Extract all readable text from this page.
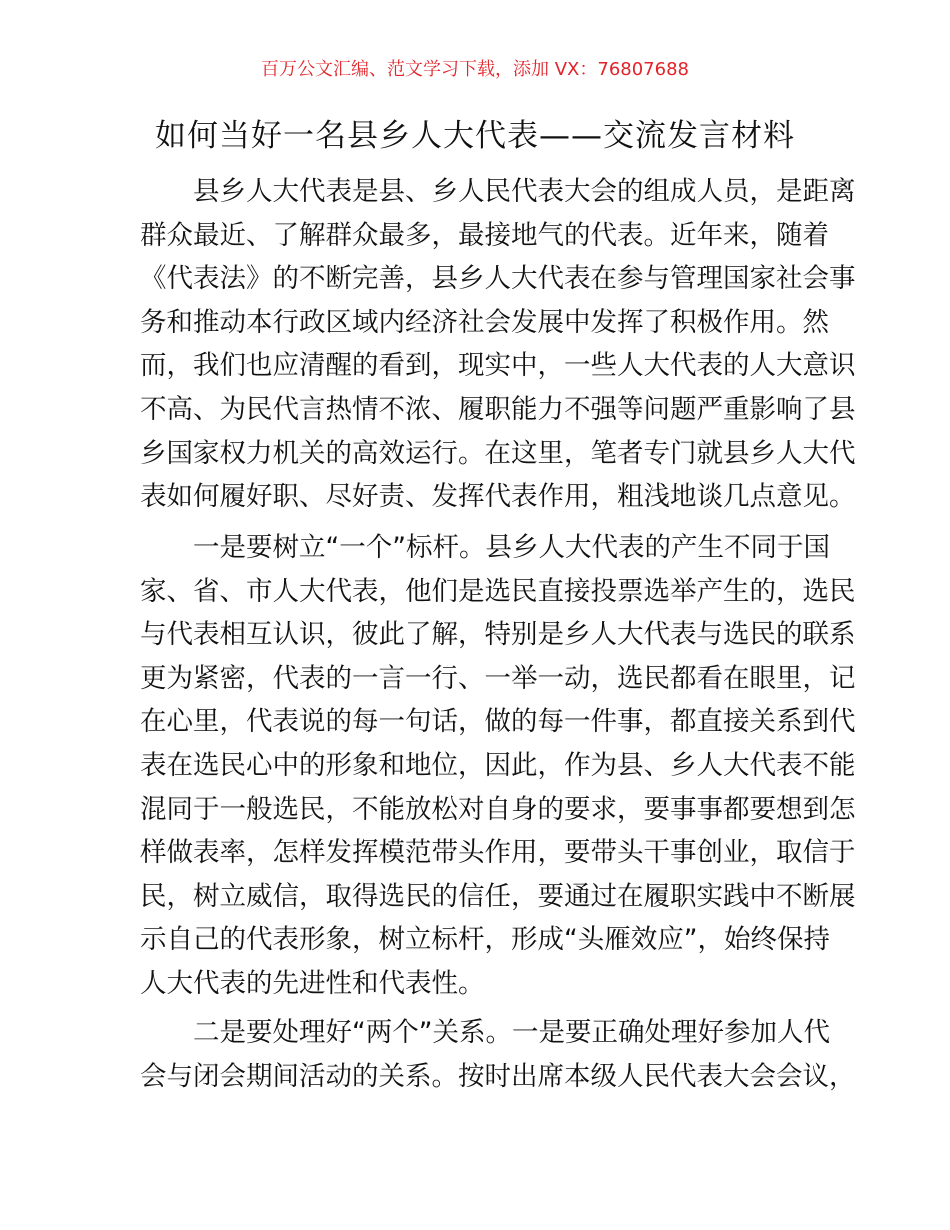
百万公文汇编、范文学习下载，添加 VX：76807688
如何当好一名县乡人大代表——交流发言材料
县乡人大代表是县、乡人民代表大会的组成人员，是距离
群众最近、了解群众最多，最接地气的代表。近年来，随着
《代表法》的不断完善，县乡人大代表在参与管理国家社会事
务和推动本行政区域内经济社会发展中发挥了积极作用。然
而，我们也应清醒的看到，现实中，一些人大代表的人大意识
不高、为民代言热情不浓、履职能力不强等问题严重影响了县
乡国家权力机关的高效运行。在这里，笔者专门就县乡人大代
表如何履好职、尽好责、发挥代表作用，粗浅地谈几点意见。
一是要树立“一个”标杆。县乡人大代表的产生不同于国
家、省、市人大代表，他们是选民直接投票选举产生的，选民
与代表相互认识，彼此了解，特别是乡人大代表与选民的联系
更为紧密，代表的一言一行、一举一动，选民都看在眼里，记
在心里，代表说的每一句话，做的每一件事，都直接关系到代
表在选民心中的形象和地位，因此，作为县、乡人大代表不能
混同于一般选民，不能放松对自身的要求，要事事都要想到怎
样做表率，怎样发挥模范带头作用，要带头干事创业，取信于
民，树立威信，取得选民的信任，要通过在履职实践中不断展
示自己的代表形象，树立标杆，形成“头雁效应”，始终保持
人大代表的先进性和代表性。
二是要处理好“两个”关系。一是要正确处理好参加人代
会与闭会期间活动的关系。按时出席本级人民代表大会会议，
